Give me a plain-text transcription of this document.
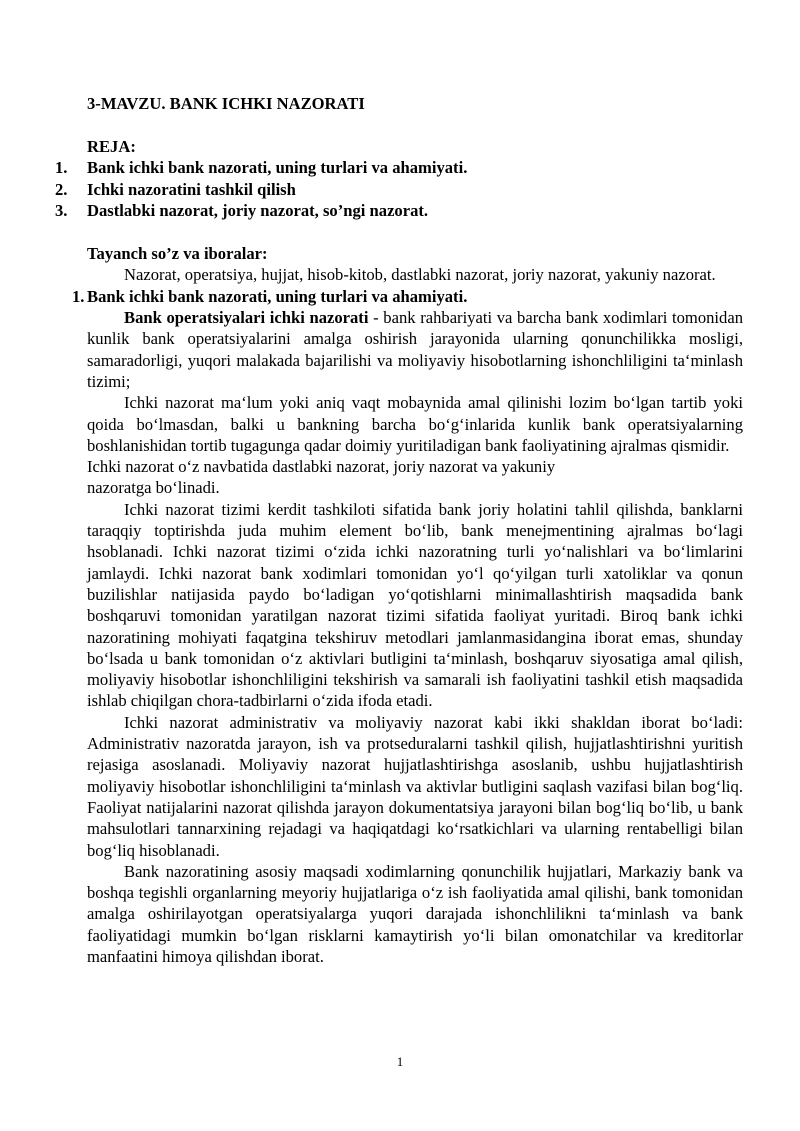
3-MAVZU. BANK ICHKI NAZORATI

REJA:

1.	Bank ichki bank nazorati, uning turlari va ahamiyati.
2.	Ichki nazoratini tashkil qilish
3.	Dastlabki nazorat, joriy nazorat, so’ngi nazorat.

Tayanch so’z va iboralar:

Nazorat, operatsiya, hujjat, hisob-kitob, dastlabki nazorat, joriy nazorat, yakuniy nazorat.

1. Bank ichki bank nazorati, uning turlari va ahamiyati.

Bank operatsiyalari ichki nazorati - bank rahbariyati va barcha bank xodimlari tomonidan kunlik bank operatsiyalarini amalga oshirish jarayonida ularning qonunchilikka mosligi, samaradorligi, yuqori malakada bajarilishi va moliyaviy hisobotlarning ishonchliligini ta‘minlash tizimi;

Ichki nazorat ma‘lum yoki aniq vaqt mobaynida amal qilinishi lozim bo‘lgan tartib yoki qoida bo‘lmasdan, balki u bankning barcha bo‘g‘inlarida kunlik bank operatsiyalarning boshlanishidan tortib tugagunga qadar doimiy yuritiladigan bank faoliyatining ajralmas qismidir.

Ichki nazorat o‘z navbatida dastlabki nazorat, joriy nazorat va yakuniy

nazoratga bo‘linadi.

Ichki nazorat tizimi kerdit tashkiloti sifatida bank joriy holatini tahlil qilishda, banklarni taraqqiy toptirishda juda muhim element bo‘lib, bank menejmentining ajralmas bo‘lagi hsoblanadi. Ichki nazorat tizimi o‘zida ichki nazoratning turli yo‘nalishlari va bo‘limlarini jamlaydi. Ichki nazorat bank xodimlari tomonidan yo‘l qo‘yilgan turli xatoliklar va qonun buzilishlar natijasida paydo bo‘ladigan yo‘qotishlarni minimallashtirish maqsadida bank boshqaruvi tomonidan yaratilgan nazorat tizimi sifatida faoliyat yuritadi. Biroq bank ichki nazoratining mohiyati faqatgina tekshiruv metodlari jamlanmasidangina iborat emas, shunday bo‘lsada u bank tomonidan o‘z aktivlari butligini ta‘minlash, boshqaruv siyosatiga amal qilish, moliyaviy hisobotlar ishonchliligini tekshirish va samarali ish faoliyatini tashkil etish maqsadida ishlab chiqilgan chora-tadbirlarni o‘zida ifoda etadi.

Ichki nazorat administrativ va moliyaviy nazorat kabi ikki shakldan iborat bo‘ladi: Administrativ nazoratda jarayon, ish va protseduralarni tashkil qilish, hujjatlashtirishni yuritish rejasiga asoslanadi. Moliyaviy nazorat hujjatlashtirishga asoslanib, ushbu hujjatlashtirish moliyaviy hisobotlar ishonchliligini ta‘minlash va aktivlar butligini saqlash vazifasi bilan bog‘liq. Faoliyat natijalarini nazorat qilishda jarayon dokumentatsiya jarayoni bilan bog‘liq bo‘lib, u bank mahsulotlari tannarxining rejadagi va haqiqatdagi ko‘rsatkichlari va ularning rentabelligi bilan bog‘liq hisoblanadi.

Bank nazoratining asosiy maqsadi xodimlarning qonunchilik hujjatlari, Markaziy bank va boshqa tegishli organlarning meyoriy hujjatlariga o‘z ish faoliyatida amal qilishi, bank tomonidan amalga oshirilayotgan operatsiyalarga yuqori darajada ishonchlilikni ta‘minlash va bank faoliyatidagi mumkin bo‘lgan risklarni kamaytirish yo‘li bilan omonatchilar va kreditorlar manfaatini himoya qilishdan iborat.

1
